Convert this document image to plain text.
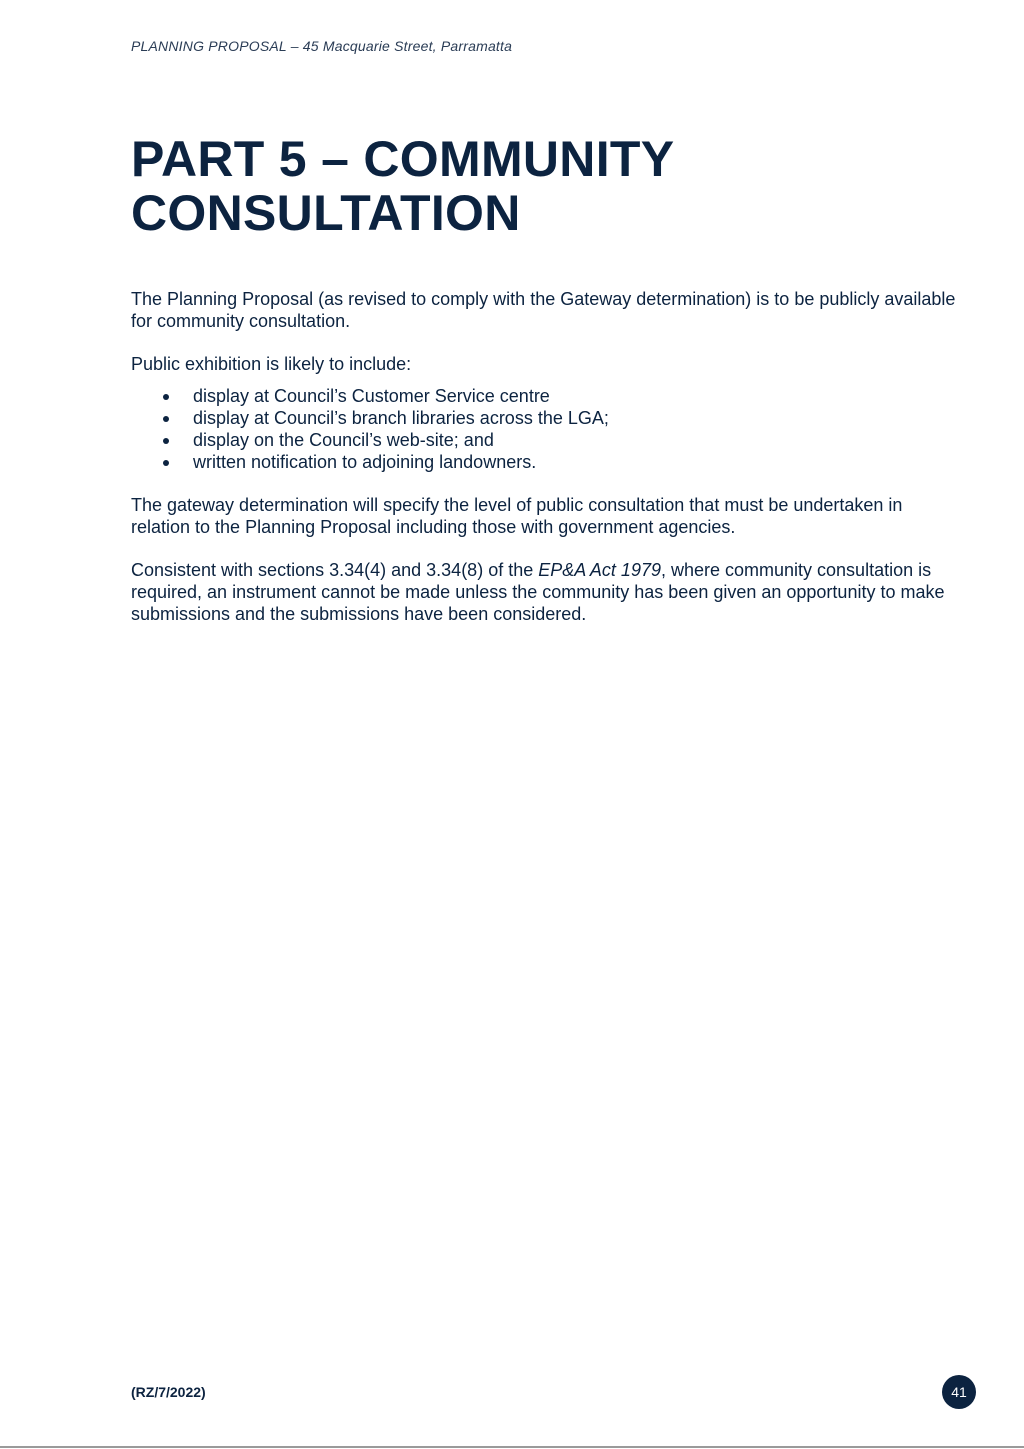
PLANNING PROPOSAL – 45 Macquarie Street, Parramatta
PART 5 – COMMUNITY
CONSULTATION

The Planning Proposal (as revised to comply with the Gateway determination) is to be publicly available for community consultation.

Public exhibition is likely to include:

display at Council’s Customer Service centre
display at Council’s branch libraries across the LGA;
display on the Council’s web-site; and
written notification to adjoining landowners.

The gateway determination will specify the level of public consultation that must be undertaken in relation to the Planning Proposal including those with government agencies.

Consistent with sections 3.34(4) and 3.34(8) of the EP&A Act 1979, where community consultation is required, an instrument cannot be made unless the community has been given an opportunity to make submissions and the submissions have been considered.

(RZ/7/2022)	41
